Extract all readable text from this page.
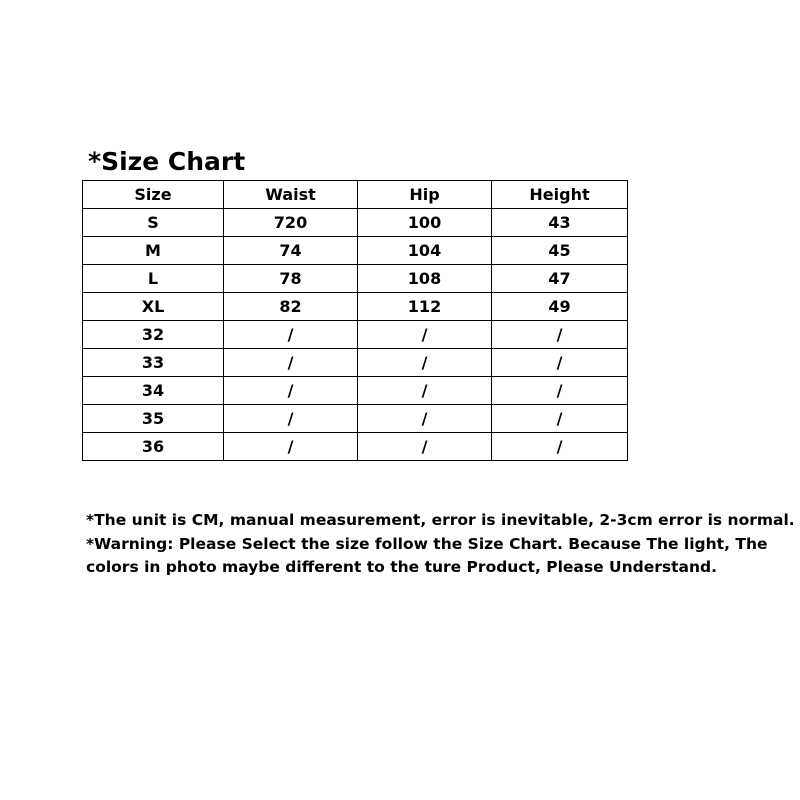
*Size Chart
Size	Waist	Hip	Height
S	720	100	43
M	74	104	45
L	78	108	47
XL	82	112	49
32	/	/	/
33	/	/	/
34	/	/	/
35	/	/	/
36	/	/	/
*The unit is CM, manual measurement, error is inevitable, 2-3cm error is normal.
*Warning: Please Select the size follow the Size Chart. Because The light, The
colors in photo maybe different to the ture Product, Please Understand.
